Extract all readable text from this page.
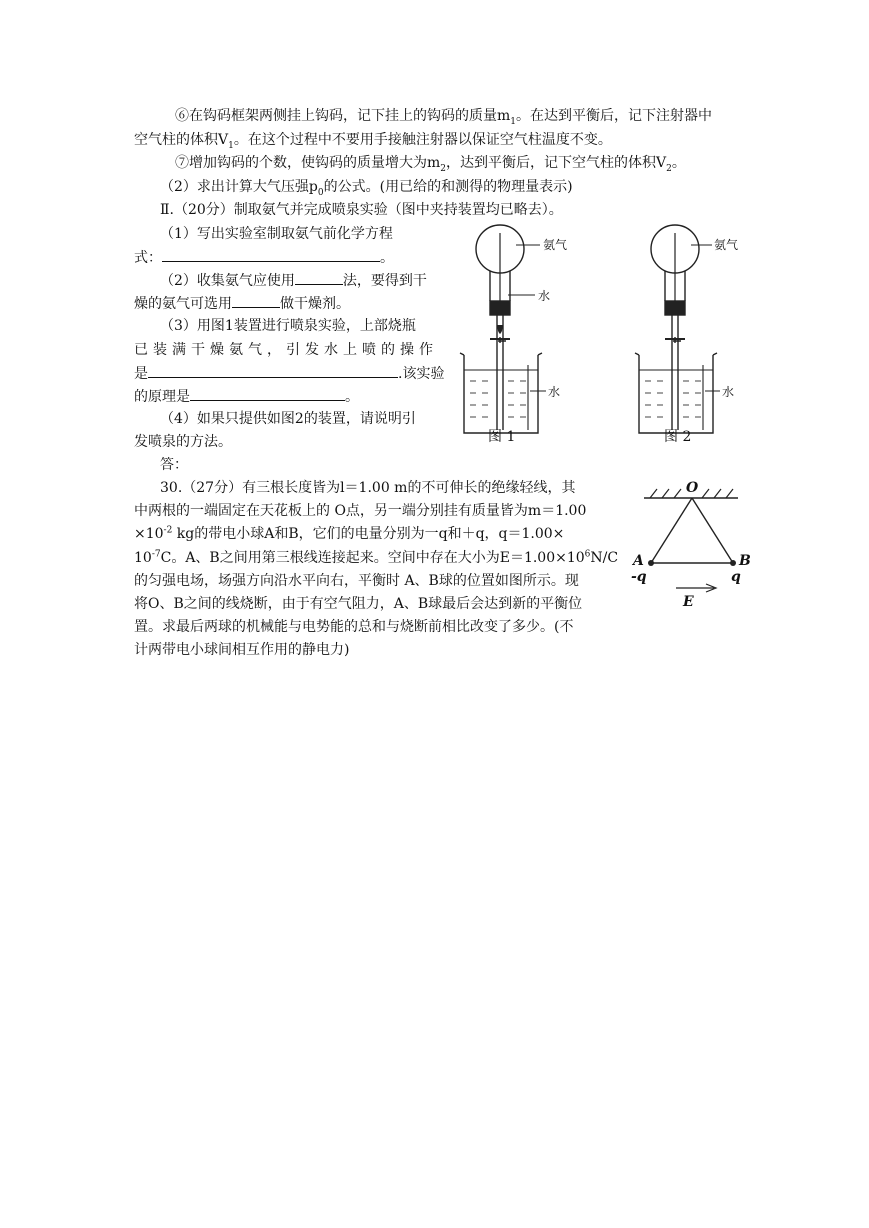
⑥在钩码框架两侧挂上钩码，记下挂上的钩码的质量$m_1$。在达到平衡后，记下注射器中
空气柱的体积$V_1$。在这个过程中不要用手接触注射器以保证空气柱温度不变。
⑦增加钩码的个数，使钩码的质量增大为$m_2$，达到平衡后，记下空气柱的体积$V_2$。
（2）求出计算大气压强$p_0$的公式。(用已给的和测得的物理量表示)
Ⅱ.（20分）制取氨气并完成喷泉实验（图中夹持装置均已略去）。
（1）写出实验室制取氨气前化学方程
式：	。
（2）收集氨气应使用	法，要得到干
燥的氨气可选用	做干燥剂。
（3）用图1装置进行喷泉实验，上部烧瓶
已装满干燥氨气，引发水上喷的操作
是	.该实验
的原理是	。
（4）如果只提供如图2的装置，请说明引
发喷泉的方法。
答：
氨气
水
水
氨气
水
图 1	图 2
30.（27分）有三根长度皆为l＝1.00 m的不可伸长的绝缘轻线，其
中两根的一端固定在天花板上的 O点，另一端分别挂有质量皆为m＝1.00
$\times 10^{-2}$ kg的带电小球A和B，它们的电量分别为一q和＋q，q＝1.00×
$10^{-7}C$。A、B之间用第三根线连接起来。空间中存在大小为$E=1.00\times 10^6N/C$
的匀强电场，场强方向沿水平向右，平衡时 A、B球的位置如图所示。现
将O、B之间的线烧断，由于有空气阻力，A、B球最后会达到新的平衡位
置。求最后两球的机械能与电势能的总和与烧断前相比改变了多少。(不
计两带电小球间相互作用的静电力)
O
A	B
-q	q
E
